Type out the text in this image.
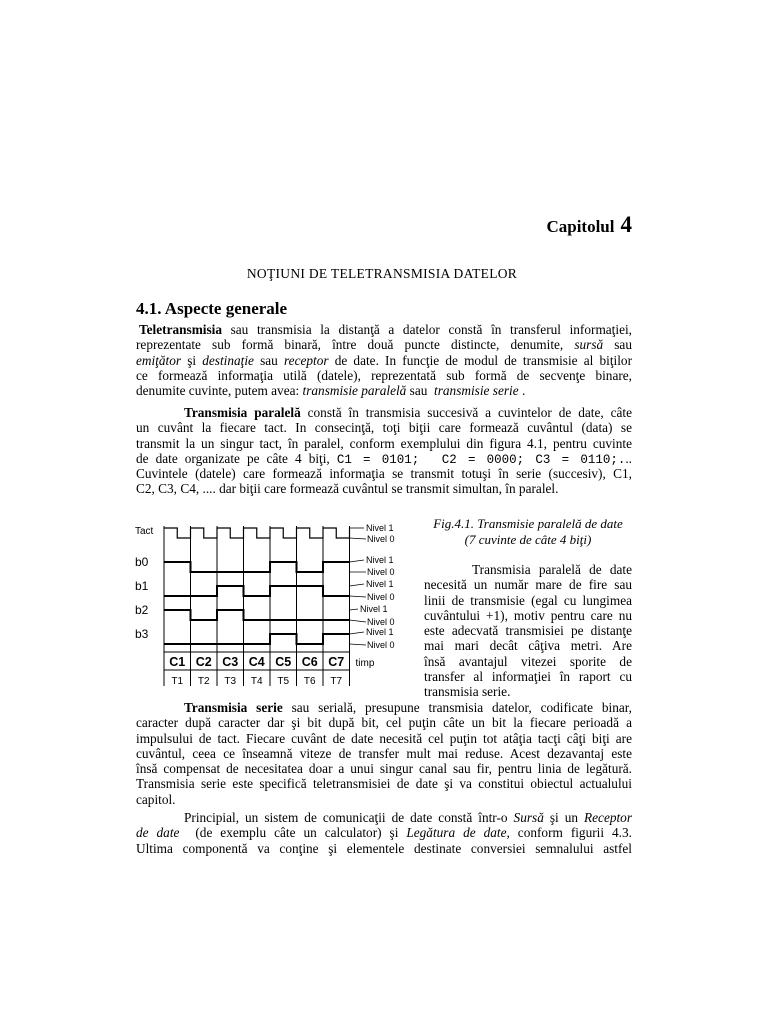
Capitolul 4
NOŢIUNI DE TELETRANSMISIA DATELOR
4.1. Aspecte generale
Teletransmisia sau transmisia la distanţă a datelor constă în transferul informaţiei,
reprezentate sub formă binară, între două puncte distincte, denumite, sursă sau
emiţător şi destinaţie sau receptor de date. In funcţie de modul de transmisie al biţilor
ce formează informaţia utilă (datele), reprezentată sub formă de secvenţe binare,
denumite cuvinte, putem avea: transmisie paralelă sau  transmisie serie .
Transmisia paralelă constă în transmisia succesivă a cuvintelor de date, câte
un cuvânt la fiecare tact. In consecinţă, toţi biţii care formează cuvântul (data) se
transmit la un singur tact, în paralel, conform exemplului din figura 4.1, pentru cuvinte
de date organizate pe câte 4 biţi, C1 = 0101;  C2 = 0000; C3 = 0110;...
Cuvintele (datele) care formează informaţia se transmit totuşi în serie (succesiv), C1,
C2, C3, C4, .... dar biţii care formează cuvântul se transmit simultan, în paralel.
Tact
b0
b1
b2
b3
Nivel 1
Nivel 0
Nivel 1
Nivel 0
Nivel 1
Nivel 0
Nivel 1
Nivel 0
Nivel 1
Nivel 0
C1 C2 C3 C4 C5 C6 C7
T1 T2 T3 T4 T5 T6 T7
timp
Fig.4.1. Transmisie paralelă de date
(7 cuvinte de câte 4 biţi)
Transmisia paralelă de date
necesită un număr mare de fire sau
linii de transmisie (egal cu lungimea
cuvântului +1), motiv pentru care nu
este adecvată transmisiei pe distanţe
mai mari decât câţiva metri. Are
însă avantajul vitezei sporite de
transfer al informaţiei în raport cu
transmisia serie.
Transmisia serie sau serială, presupune transmisia datelor, codificate binar,
caracter după caracter dar şi bit după bit, cel puţin câte un bit la fiecare perioadă a
impulsului de tact. Fiecare cuvânt de date necesită cel puţin tot atâţia tacţi câţi biţi are
cuvântul, ceea ce înseamnă viteze de transfer mult mai reduse. Acest dezavantaj este
însă compensat de necesitatea doar a unui singur canal sau fir, pentru linia de legătură.
Transmisia serie este specifică teletransmisiei de date şi va constitui obiectul actualului
capitol.
Principial, un sistem de comunicaţii de date constă într-o Sursă şi un Receptor
de date  (de exemplu câte un calculator) şi Legătura de date, conform figurii 4.3.
Ultima componentă va conţine şi elementele destinate conversiei semnalului astfel
